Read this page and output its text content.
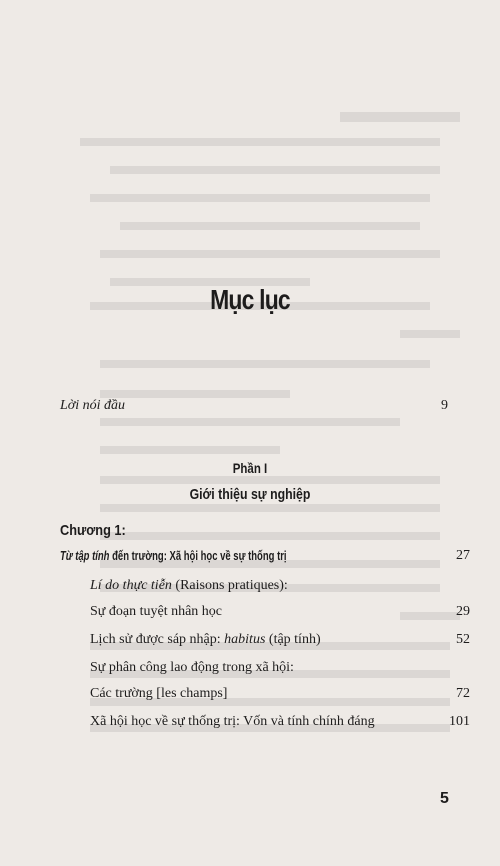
Mục lục
Lời nói đầu	9
Phần I
Giới thiệu sự nghiệp
Chương 1:
Từ tập tính đến trường: Xã hội học về sự thống trị	27
Lí do thực tiễn (Raisons pratiques):
Sự đoạn tuyệt nhân học	29
Lịch sử được sáp nhập: habitus (tập tính)	52
Sự phân công lao động trong xã hội:
Các trường [les champs]	72
Xã hội học về sự thống trị: Vốn và tính chính đáng	101
5
